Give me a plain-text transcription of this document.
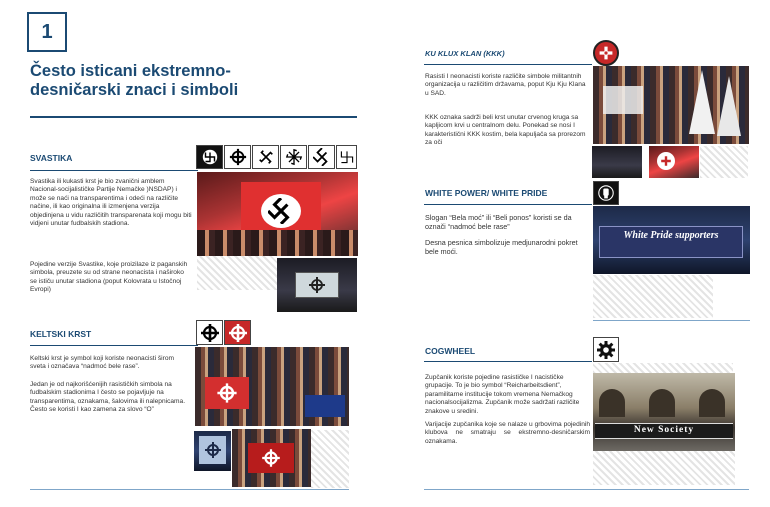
1
Često isticani ekstremno-desničarski znaci i simboli
SVASTIKA
Svastika ili kukasti krst je bio zvanični amblem Nacional-socijalističke Partije Nemačke )NSDAP) i može se naći na transparentima i odeći na različite načine, ili kao originalna ili izmenjena verzija objedinjena u vidu različitih transparenata koji mogu biti vidjeni unutar fudbalskih stadiona.
Pojedine verzije Svastike, koje proizilaze iz paganskih simbola, preuzete su od strane neonacista i naširoko se ističu unutar stadiona (poput Kolovrata u Istočnoj Evropi)
KELTSKI KRST
Keltski krst je symbol koji koriste neonacisti širom sveta i označava “nadmoć bele rase”.
Jedan je od najkorišćenijih rasističkih simbola na fudbalskim stadionima I često se pojavljuje na transparentima, oznakama, šalovima ili nalepnicama. Često se koristi I kao zamena za slovo “O”
KU KLUX KLAN (KKK)
Rasisti I neonacisti koriste različite simbole militantnih organizacija u različitim državama, poput Kju Kju Klana u SAD.
KKK oznaka sadrži beli krst unutar crvenog kruga sa kapljicom krvi u centralnom delu. Ponekad se nosi I karakteristični KKK kostim, bela kapuljača sa prorezom za oči
WHITE POWER/ WHITE PRIDE
Slogan “Bela moć” ili “Beli ponos” koristi se da označi “nadmoć bele rase”
Desna pesnica simbolizuje medjunarodni pokret bele moći.
White Pride supporters
COGWHEEL
Zupčanik koriste pojedine rasističke I nacističke grupacije. To je bio symbol “Reicharbeitsdient”, paramilitarne institucije tokom vremena Nemačkog nacionalsocijalizma. Zupčanik može sadržati različite znakove u sredini.
Varijacije zupčanika koje se nalaze u grbovima pojedinih klubova ne smatraju se ekstremno-desničarskim oznakama.
New Society
